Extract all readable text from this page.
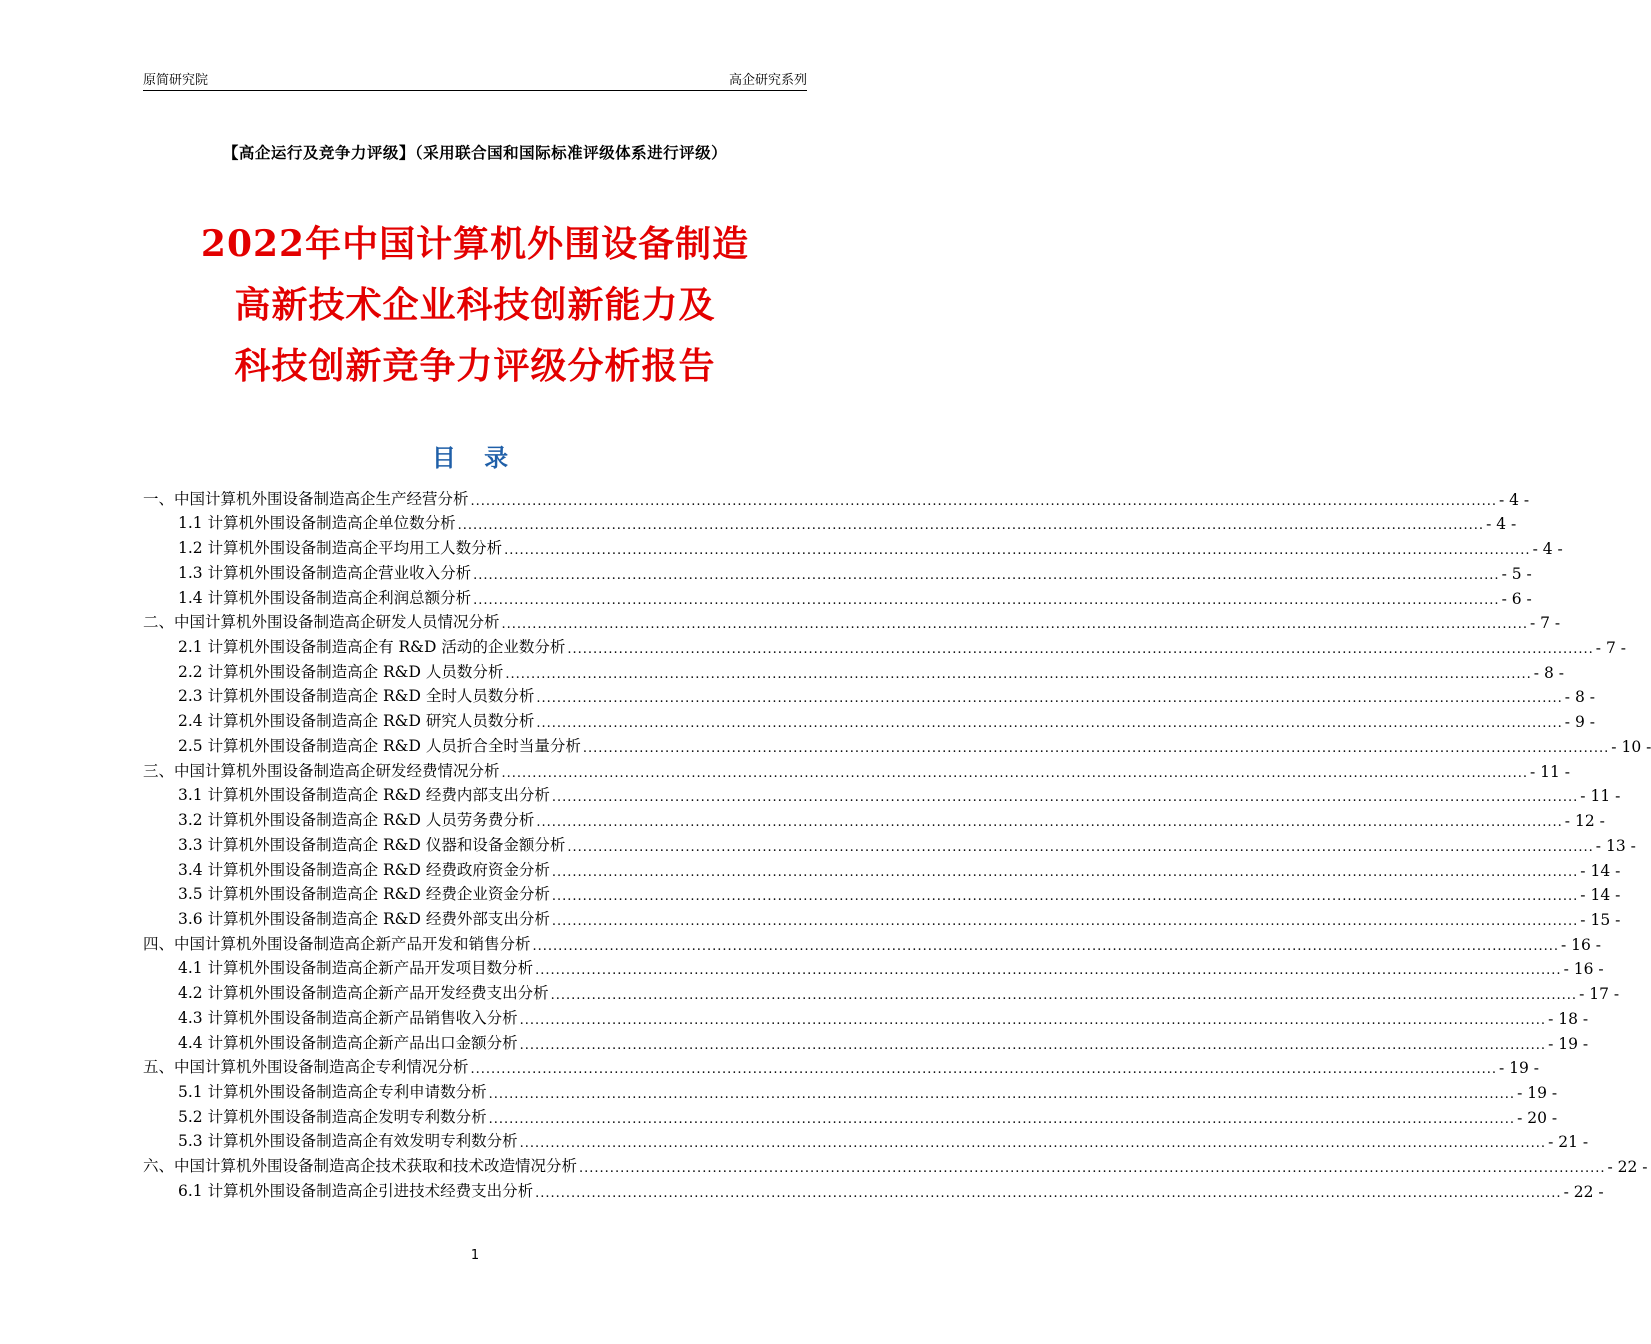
原简研究院	高企研究系列
【高企运行及竞争力评级】（采用联合国和国际标准评级体系进行评级）
2022年中国计算机外围设备制造
高新技术企业科技创新能力及
科技创新竞争力评级分析报告
目 录
一、中国计算机外围设备制造高企生产经营分析 ........................................................................................................................................................................................................ - 4 -
1.1 计算机外围设备制造高企单位数分析 ........................................................................................................................................................................................................ - 4 -
1.2 计算机外围设备制造高企平均用工人数分析 ........................................................................................................................................................................................................ - 4 -
1.3 计算机外围设备制造高企营业收入分析 ........................................................................................................................................................................................................ - 5 -
1.4 计算机外围设备制造高企利润总额分析 ........................................................................................................................................................................................................ - 6 -
二、中国计算机外围设备制造高企研发人员情况分析 ........................................................................................................................................................................................................ - 7 -
2.1 计算机外围设备制造高企有 R&D 活动的企业数分析 ........................................................................................................................................................................................................ - 7 -
2.2 计算机外围设备制造高企 R&D 人员数分析 ........................................................................................................................................................................................................ - 8 -
2.3 计算机外围设备制造高企 R&D 全时人员数分析 ........................................................................................................................................................................................................ - 8 -
2.4 计算机外围设备制造高企 R&D 研究人员数分析 ........................................................................................................................................................................................................ - 9 -
2.5 计算机外围设备制造高企 R&D 人员折合全时当量分析 ........................................................................................................................................................................................................ - 10 -
三、中国计算机外围设备制造高企研发经费情况分析 ........................................................................................................................................................................................................ - 11 -
3.1 计算机外围设备制造高企 R&D 经费内部支出分析 ........................................................................................................................................................................................................ - 11 -
3.2 计算机外围设备制造高企 R&D 人员劳务费分析 ........................................................................................................................................................................................................ - 12 -
3.3 计算机外围设备制造高企 R&D 仪器和设备金额分析 ........................................................................................................................................................................................................ - 13 -
3.4 计算机外围设备制造高企 R&D 经费政府资金分析 ........................................................................................................................................................................................................ - 14 -
3.5 计算机外围设备制造高企 R&D 经费企业资金分析 ........................................................................................................................................................................................................ - 14 -
3.6 计算机外围设备制造高企 R&D 经费外部支出分析 ........................................................................................................................................................................................................ - 15 -
四、中国计算机外围设备制造高企新产品开发和销售分析 ........................................................................................................................................................................................................ - 16 -
4.1 计算机外围设备制造高企新产品开发项目数分析 ........................................................................................................................................................................................................ - 16 -
4.2 计算机外围设备制造高企新产品开发经费支出分析 ........................................................................................................................................................................................................ - 17 -
4.3 计算机外围设备制造高企新产品销售收入分析 ........................................................................................................................................................................................................ - 18 -
4.4 计算机外围设备制造高企新产品出口金额分析 ........................................................................................................................................................................................................ - 19 -
五、中国计算机外围设备制造高企专利情况分析 ........................................................................................................................................................................................................ - 19 -
5.1 计算机外围设备制造高企专利申请数分析 ........................................................................................................................................................................................................ - 19 -
5.2 计算机外围设备制造高企发明专利数分析 ........................................................................................................................................................................................................ - 20 -
5.3 计算机外围设备制造高企有效发明专利数分析 ........................................................................................................................................................................................................ - 21 -
六、中国计算机外围设备制造高企技术获取和技术改造情况分析 ........................................................................................................................................................................................................ - 22 -
6.1 计算机外围设备制造高企引进技术经费支出分析 ........................................................................................................................................................................................................ - 22 -
1
